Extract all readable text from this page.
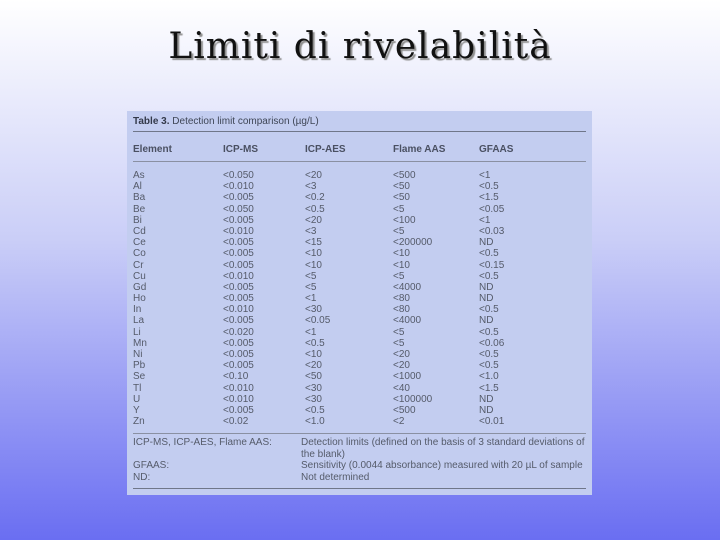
Limiti di rivelabilità
Table 3. Detection limit comparison (µg/L)
Element	ICP-MS	ICP-AES	Flame AAS	GFAAS
As	<0.050	<20	<500	<1
Al	<0.010	<3	<50	<0.5
Ba	<0.005	<0.2	<50	<1.5
Be	<0.050	<0.5	<5	<0.05
Bi	<0.005	<20	<100	<1
Cd	<0.010	<3	<5	<0.03
Ce	<0.005	<15	<200000	ND
Co	<0.005	<10	<10	<0.5
Cr	<0.005	<10	<10	<0.15
Cu	<0.010	<5	<5	<0.5
Gd	<0.005	<5	<4000	ND
Ho	<0.005	<1	<80	ND
In	<0.010	<30	<80	<0.5
La	<0.005	<0.05	<4000	ND
Li	<0.020	<1	<5	<0.5
Mn	<0.005	<0.5	<5	<0.06
Ni	<0.005	<10	<20	<0.5
Pb	<0.005	<20	<20	<0.5
Se	<0.10	<50	<1000	<1.0
Tl	<0.010	<30	<40	<1.5
U	<0.010	<30	<100000	ND
Y	<0.005	<0.5	<500	ND
Zn	<0.02	<1.0	<2	<0.01
ICP-MS, ICP-AES, Flame AAS:	Detection limits (defined on the basis of 3 standard deviations of the blank)
GFAAS:	Sensitivity (0.0044 absorbance) measured with 20 µL of sample
ND:	Not determined
